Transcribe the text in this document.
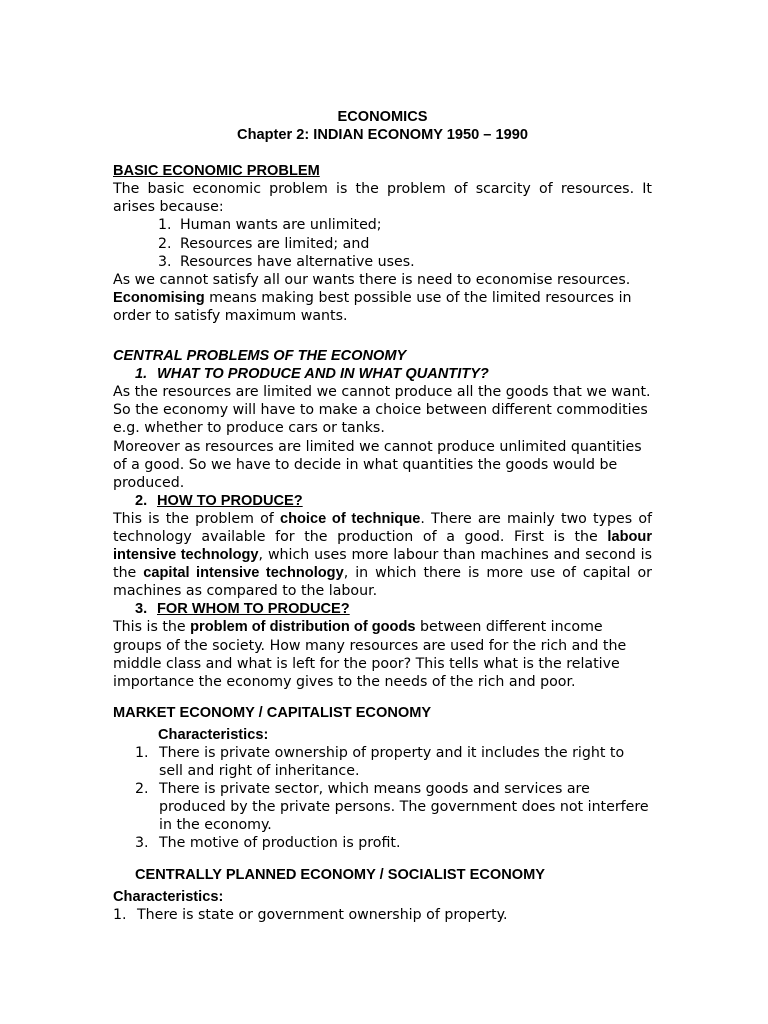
ECONOMICS
Chapter 2: INDIAN ECONOMY 1950 – 1990
BASIC ECONOMIC PROBLEM

The basic economic problem is the problem of scarcity of resources. It arises because:

1. Human wants are unlimited;
2. Resources are limited; and
3. Resources have alternative uses.

As we cannot satisfy all our wants there is need to economise resources. Economising means making best possible use of the limited resources in order to satisfy maximum wants.

CENTRAL PROBLEMS OF THE ECONOMY
1. WHAT TO PRODUCE AND IN WHAT QUANTITY?

As the resources are limited we cannot produce all the goods that we want. So the economy will have to make a choice between different commodities e.g. whether to produce cars or tanks.

Moreover as resources are limited we cannot produce unlimited quantities of a good. So we have to decide in what quantities the goods would be produced.

2. HOW TO PRODUCE?

This is the problem of choice of technique. There are mainly two types of technology available for the production of a good. First is the labour intensive technology, which uses more labour than machines and second is the capital intensive technology, in which there is more use of capital or machines as compared to the labour.

3. FOR WHOM TO PRODUCE?

This is the problem of distribution of goods between different income groups of the society. How many resources are used for the rich and the middle class and what is left for the poor? This tells what is the relative importance the economy gives to the needs of the rich and poor.

MARKET ECONOMY / CAPITALIST ECONOMY
Characteristics:
1. There is private ownership of property and it includes the right to sell and right of inheritance.
2. There is private sector, which means goods and services are produced by the private persons. The government does not interfere in the economy.
3. The motive of production is profit.
CENTRALLY PLANNED ECONOMY / SOCIALIST ECONOMY
Characteristics:
1. There is state or government ownership of property.
